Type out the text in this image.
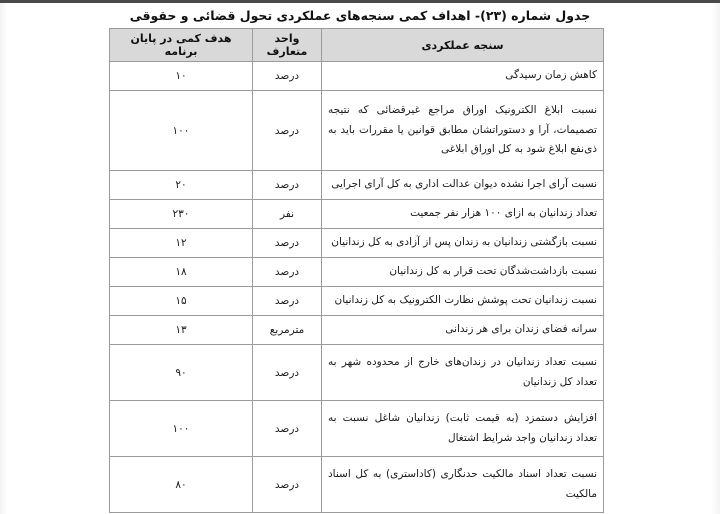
جدول شماره (۲۳)- اهداف کمی سنجه‌های عملکردی تحول قضائی و حقوقی
سنجه عملکردی	واحد متعارف	هدف کمی در پایان برنامه
کاهش زمان رسیدگی	درصد	۱۰
نسبت ابلاغ الکترونیک اوراق مراجع غیرقضائی که نتیجه تصمیمات، آرا و دستوراتشان مطابق قوانین یا مقررات باید به ذی‌نفع ابلاغ شود به کل اوراق ابلاغی	درصد	۱۰۰
نسبت آرای اجرا نشده دیوان عدالت اداری به کل آرای اجرایی	درصد	۲۰
تعداد زندانیان به ازای ۱۰۰ هزار نفر جمعیت	نفر	۲۳۰
نسبت بازگشتی زندانیان به زندان پس از آزادی به کل زندانیان	درصد	۱۲
نسبت بازداشت‌شدگان تحت قرار به کل زندانیان	درصد	۱۸
نسبت زندانیان تحت پوشش نظارت الکترونیک به کل زندانیان	درصد	۱۵
سرانه فضای زندان برای هر زندانی	مترمربع	۱۳
نسبت تعداد زندانیان در زندان‌های خارج از محدوده شهر به تعداد کل زندانیان	درصد	۹۰
افزایش دستمزد (به قیمت ثابت) زندانیان شاغل نسبت به تعداد زندانیان واجد شرایط اشتغال	درصد	۱۰۰
نسبت تعداد اسناد مالکیت حدنگاری (کاداستری) به کل اسناد مالکیت	درصد	۸۰
